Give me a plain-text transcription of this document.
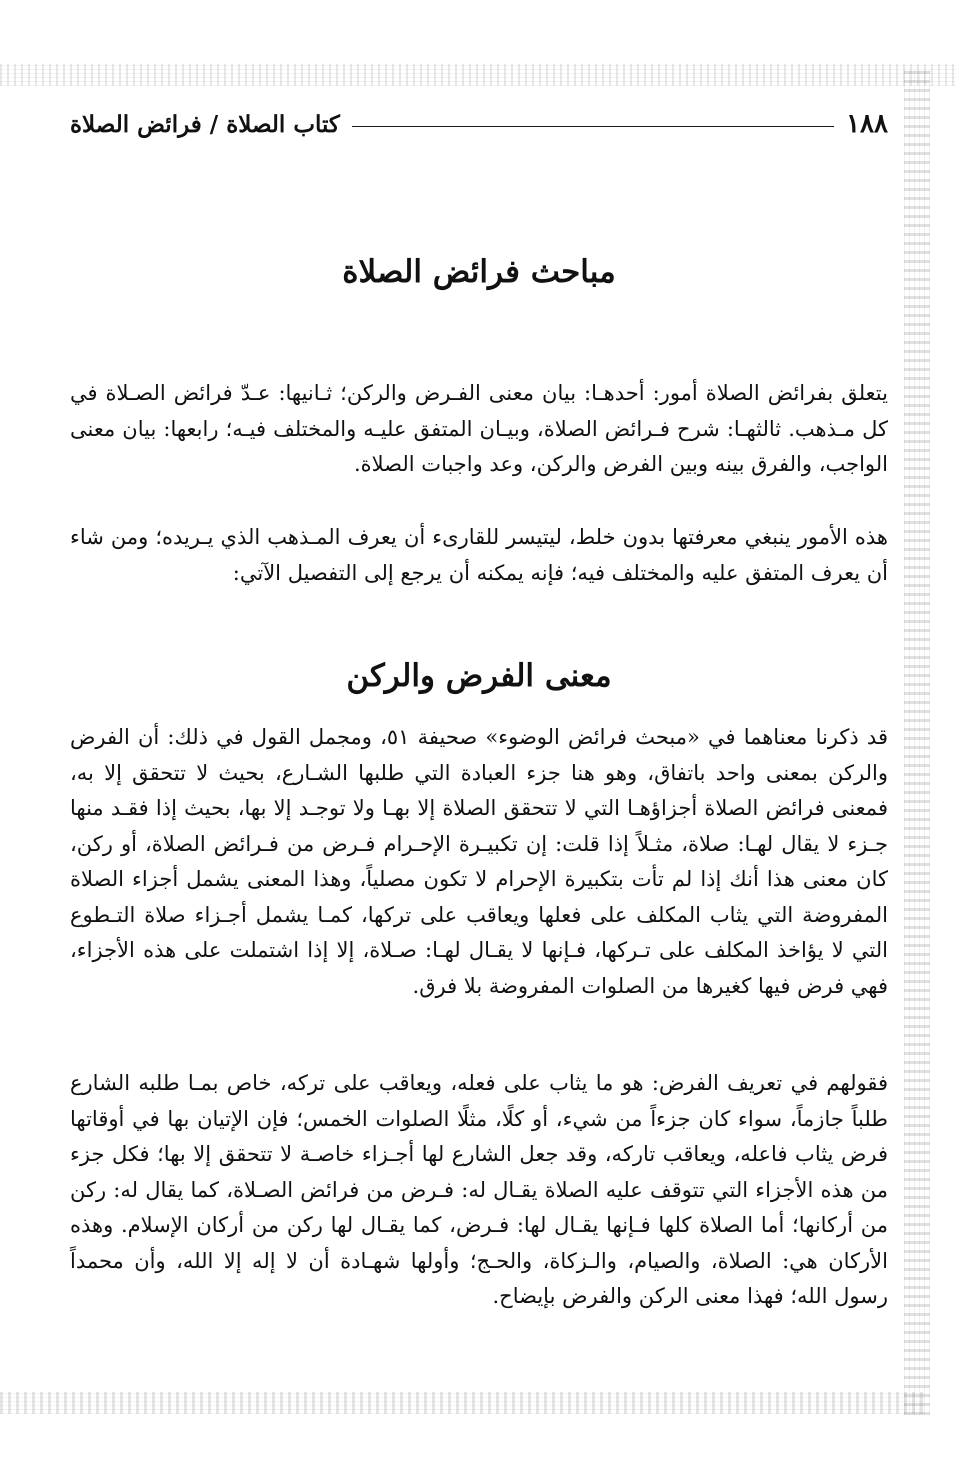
١٨٨
كتاب الصلاة / فرائض الصلاة
مباحث فرائض الصلاة

يتعلق بفرائض الصلاة أمور: أحدهـا: بيان معنى الفـرض والركن؛ ثـانيها: عـدّ فرائض الصـلاة في كل مـذهب. ثالثهـا: شرح فـرائض الصلاة، وبيـان المتفق عليـه والمختلف فيـه؛ رابعها: بيان معنى الواجب، والفرق بينه وبين الفرض والركن، وعد واجبات الصلاة.

هذه الأمور ينبغي معرفتها بدون خلط، ليتيسر للقارىء أن يعرف المـذهب الذي يـريده؛ ومن شاء أن يعرف المتفق عليه والمختلف فيه؛ فإنه يمكنه أن يرجع إلى التفصيل الآتي:

معنى الفرض والركن

قد ذكرنا معناهما في «مبحث فرائض الوضوء» صحيفة ٥١، ومجمل القول في ذلك: أن الفرض والركن بمعنى واحد باتفاق، وهو هنا جزء العبادة التي طلبها الشـارع، بحيث لا تتحقق إلا به، فمعنى فرائض الصلاة أجزاؤهـا التي لا تتحقق الصلاة إلا بهـا ولا توجـد إلا بها، بحيث إذا فقـد منها جـزء لا يقال لهـا: صلاة، مثـلاً إذا قلت: إن تكبيـرة الإحـرام فـرض من فـرائض الصلاة، أو ركن، كان معنى هذا أنك إذا لم تأت بتكبيرة الإحرام لا تكون مصلياً، وهذا المعنى يشمل أجزاء الصلاة المفروضة التي يثاب المكلف على فعلها ويعاقب على تركها، كمـا يشمل أجـزاء صلاة التـطوع التي لا يؤاخذ المكلف على تـركها، فـإنها لا يقـال لهـا: صـلاة، إلا إذا اشتملت على هذه الأجزاء، فهي فرض فيها كغيرها من الصلوات المفروضة بلا فرق.

فقولهم في تعريف الفرض: هو ما يثاب على فعله، ويعاقب على تركه، خاص بمـا طلبه الشارع طلباً جازماً، سواء كان جزءاً من شيء، أو كلًا، مثلًا الصلوات الخمس؛ فإن الإتيان بها في أوقاتها فرض يثاب فاعله، ويعاقب تاركه، وقد جعل الشارع لها أجـزاء خاصـة لا تتحقق إلا بها؛ فكل جزء من هذه الأجزاء التي تتوقف عليه الصلاة يقـال له: فـرض من فرائض الصـلاة، كما يقال له: ركن من أركانها؛ أما الصلاة كلها فـإنها يقـال لها: فـرض، كما يقـال لها ركن من أركان الإسلام. وهذه الأركان هي: الصلاة، والصيام، والـزكاة، والحـج؛ وأولها شهـادة أن لا إله إلا الله، وأن محمداً رسول الله؛ فهذا معنى الركن والفرض بإيضاح.
